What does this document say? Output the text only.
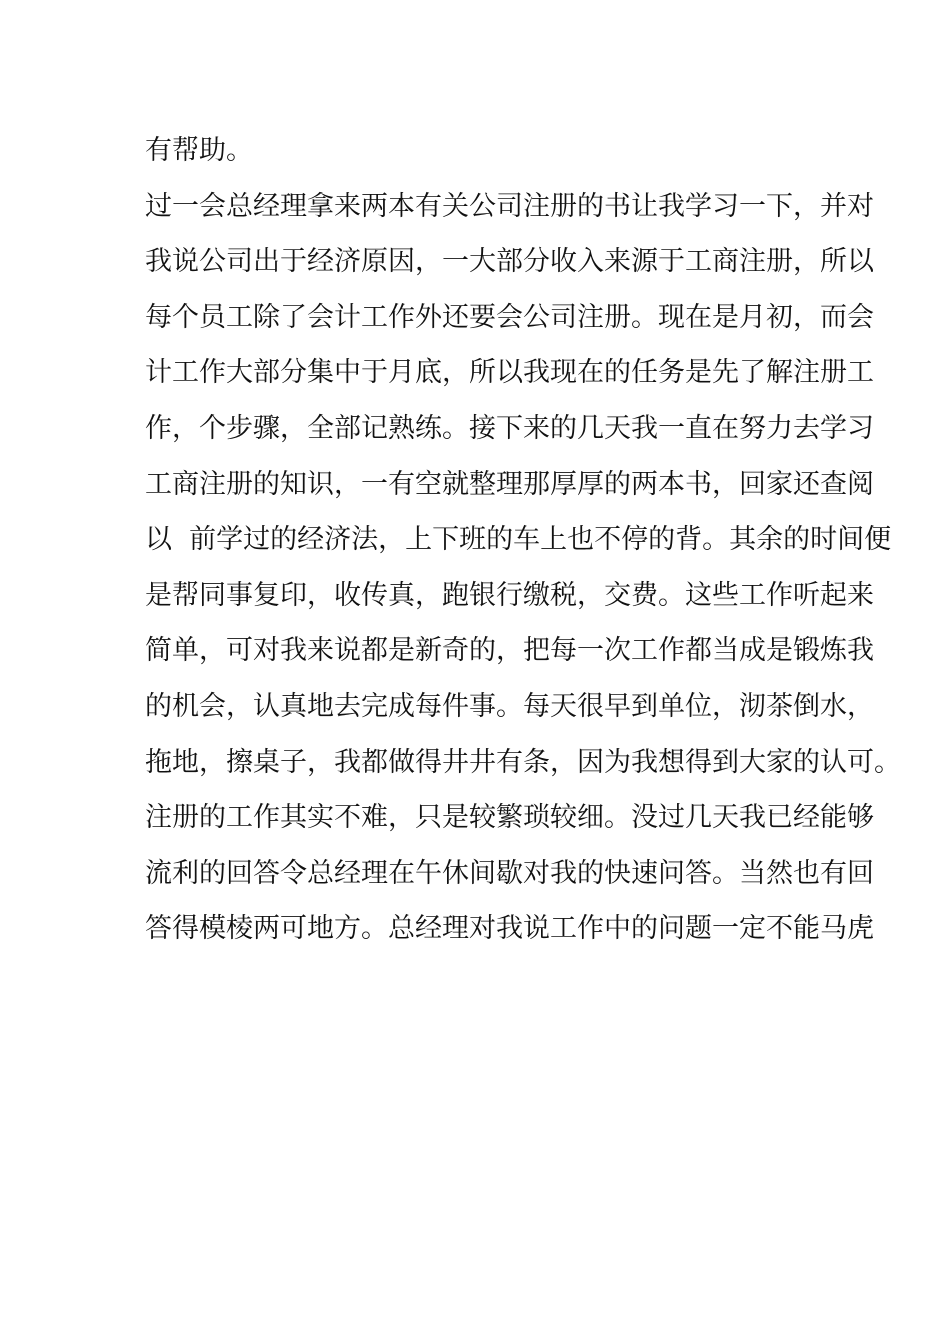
有帮助。
过一会总经理拿来两本有关公司注册的书让我学习一下，并对
我说公司出于经济原因，一大部分收入来源于工商注册，所以
每个员工除了会计工作外还要会公司注册。现在是月初，而会
计工作大部分集中于月底，所以我现在的任务是先了解注册工
作，个步骤，全部记熟练。接下来的几天我一直在努力去学习
工商注册的知识，一有空就整理那厚厚的两本书，回家还查阅
以  前学过的经济法，上下班的车上也不停的背。其余的时间便
是帮同事复印，收传真，跑银行缴税，交费。这些工作听起来
简单，可对我来说都是新奇的，把每一次工作都当成是锻炼我
的机会，认真地去完成每件事。每天很早到单位，沏茶倒水，
拖地，擦桌子，我都做得井井有条，因为我想得到大家的认可。
注册的工作其实不难，只是较繁琐较细。没过几天我已经能够
流利的回答令总经理在午休间歇对我的快速问答。当然也有回
答得模棱两可地方。总经理对我说工作中的问题一定不能马虎
